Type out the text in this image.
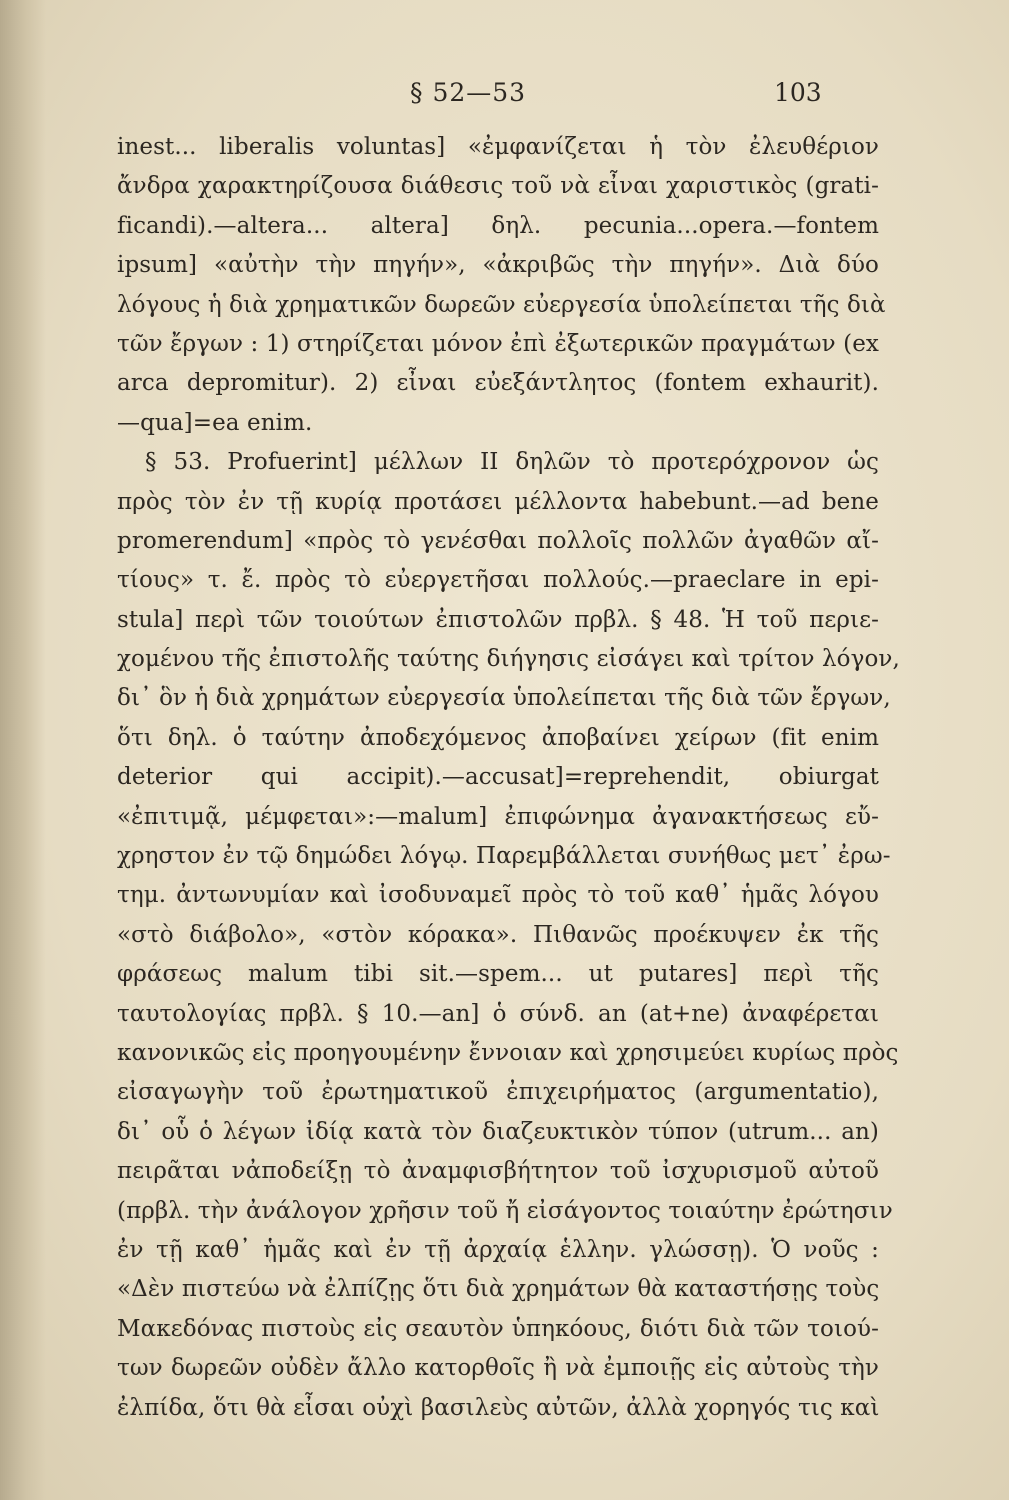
§ 52—53	103
inest... liberalis voluntas] «ἐμφανίζεται ἡ τὸν ἐλευθέριον
ἄνδρα χαρακτηρίζουσα διάθεσις τοῦ νὰ εἶναι χαριστικὸς (grati-
ficandi).—altera... altera] δηλ. pecunia...opera.—fontem
ipsum] «αὐτὴν τὴν πηγήν», «ἀκριβῶς τὴν πηγήν». Διὰ δύο
λόγους ἡ διὰ χρηματικῶν δωρεῶν εὐεργεσία ὑπολείπεται τῆς διὰ
τῶν ἔργων : 1) στηρίζεται μόνον ἐπὶ ἐξωτερικῶν πραγμάτων (ex
arca depromitur). 2) εἶναι εὐεξάντλητος (fontem exhaurit).
—qua]=ea enim.
§ 53. Profuerint] μέλλων II δηλῶν τὸ προτερόχρονον ὡς
πρὸς τὸν ἐν τῇ κυρίᾳ προτάσει μέλλοντα habebunt.—ad bene
promerendum] «πρὸς τὸ γενέσθαι πολλοῖς πολλῶν ἀγαθῶν αἴ-
τίους» τ. ἔ. πρὸς τὸ εὐεργετῆσαι πολλούς.—praeclare in epi-
stula] περὶ τῶν τοιούτων ἐπιστολῶν πρβλ. § 48. Ἡ τοῦ περιε-
χομένου τῆς ἐπιστολῆς ταύτης διήγησις εἰσάγει καὶ τρίτον λόγον,
δι᾽ ὃν ἡ διὰ χρημάτων εὐεργεσία ὑπολείπεται τῆς διὰ τῶν ἔργων,
ὅτι δηλ. ὁ ταύτην ἀποδεχόμενος ἀποβαίνει χείρων (fit enim
deterior qui accipit).—accusat]=reprehendit, obiurgat
«ἐπιτιμᾷ, μέμφεται»:—malum] ἐπιφώνημα ἀγανακτήσεως εὔ-
χρηστον ἐν τῷ δημώδει λόγῳ. Παρεμβάλλεται συνήθως μετ᾽ ἐρω-
τημ. ἀντωνυμίαν καὶ ἰσοδυναμεῖ πρὸς τὸ τοῦ καθ᾽ ἡμᾶς λόγου
«στὸ διάβολο», «στὸν κόρακα». Πιθανῶς προέκυψεν ἐκ τῆς
φράσεως malum tibi sit.—spem... ut putares] περὶ τῆς
ταυτολογίας πρβλ. § 10.—an] ὁ σύνδ. an (at+ne) ἀναφέρεται
κανονικῶς εἰς προηγουμένην ἔννοιαν καὶ χρησιμεύει κυρίως πρὸς
εἰσαγωγὴν τοῦ ἐρωτηματικοῦ ἐπιχειρήματος (argumentatio),
δι᾽ οὗ ὁ λέγων ἰδίᾳ κατὰ τὸν διαζευκτικὸν τύπον (utrum... an)
πειρᾶται νἀποδείξῃ τὸ ἀναμφισβήτητον τοῦ ἰσχυρισμοῦ αὐτοῦ
(πρβλ. τὴν ἀνάλογον χρῆσιν τοῦ ἤ εἰσάγοντος τοιαύτην ἐρώτησιν
ἐν τῇ καθ᾽ ἡμᾶς καὶ ἐν τῇ ἀρχαίᾳ ἑλλην. γλώσσῃ). Ὁ νοῦς :
«Δὲν πιστεύω νὰ ἐλπίζῃς ὅτι διὰ χρημάτων θὰ καταστήσῃς τοὺς
Μακεδόνας πιστοὺς εἰς σεαυτὸν ὑπηκόους, διότι διὰ τῶν τοιού-
των δωρεῶν οὐδὲν ἄλλο κατορθοῖς ἢ νὰ ἐμποιῇς εἰς αὐτοὺς τὴν
ἐλπίδα, ὅτι θὰ εἶσαι οὐχὶ βασιλεὺς αὐτῶν, ἀλλὰ χορηγός τις καὶ
